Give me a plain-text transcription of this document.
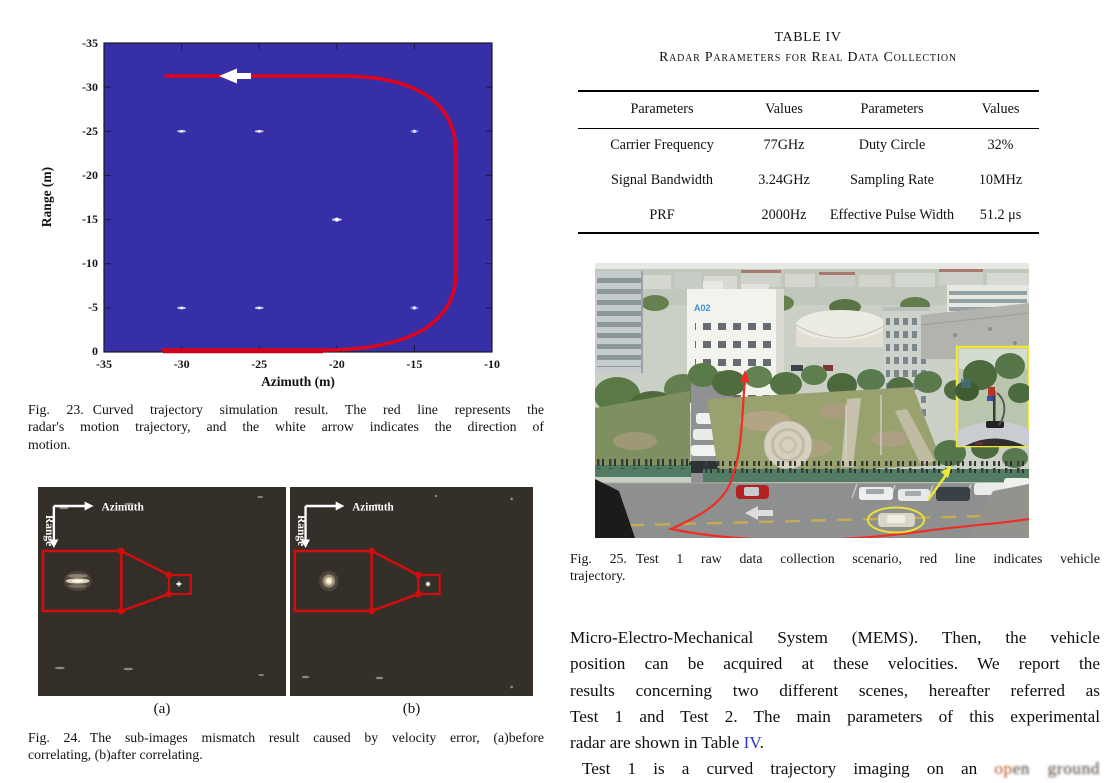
-35	-30	-25	-20	-15	-10
-35
-30
-25
-20
-15
-10
-5
0
Range (m)
Azimuth (m)
Fig. 23. Curved trajectory simulation result. The red line represents the
radar's motion trajectory, and the white arrow indicates the direction of
motion.
Azimuth
Range
Azimuth
Range
(a)	(b)
Fig. 24. The sub-images mismatch result caused by velocity error, (a)before
correlating, (b)after correlating.
TABLE IV
Radar Parameters for Real Data Collection
Parameters	Values	Parameters	Values
Carrier Frequency	77GHz	Duty Circle	32%
Signal Bandwidth	3.24GHz	Sampling Rate	10MHz
PRF	2000Hz	Effective Pulse Width	51.2 μs
A02
Fig. 25. Test 1 raw data collection scenario, red line indicates vehicle
trajectory.
Micro-Electro-Mechanical System (MEMS). Then, the vehicle
position can be acquired at these velocities. We report the
results concerning two different scenes, hereafter referred as
Test 1 and Test 2. The main parameters of this experimental
radar are shown in Table IV.
Test 1 is a curved trajectory imaging on an open ground
